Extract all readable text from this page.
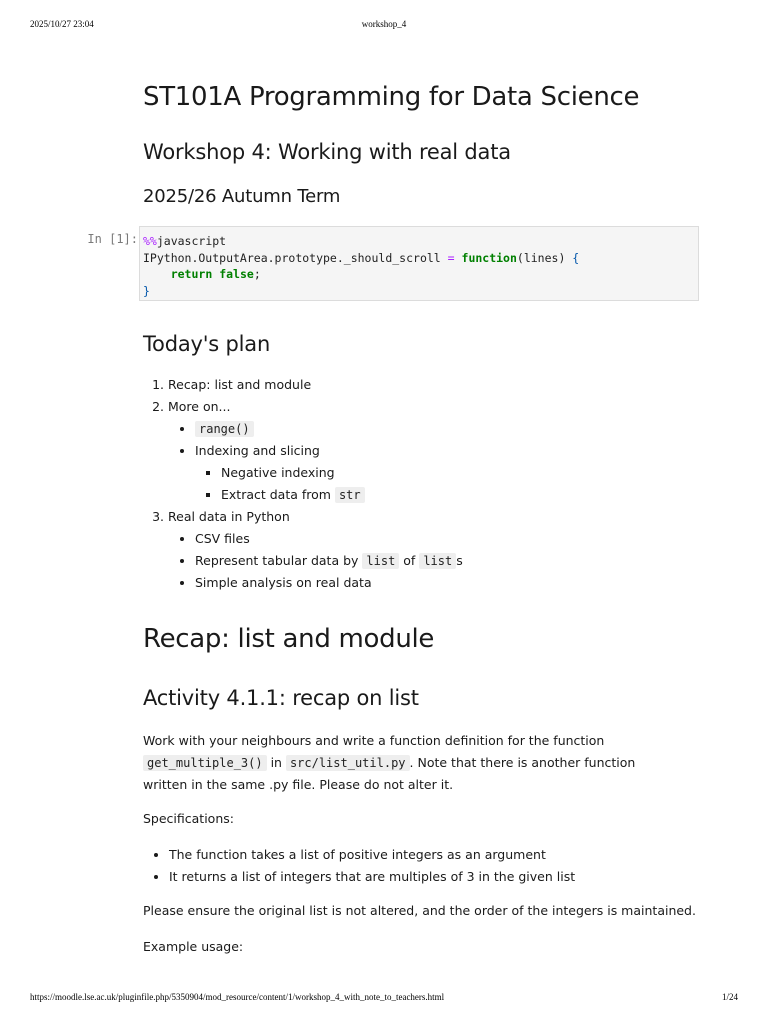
2025/10/27 23:04	workshop_4
ST101A Programming for Data Science
Workshop 4: Working with real data
2025/26 Autumn Term
In [1]: %%javascript
IPython.OutputArea.prototype._should_scroll = function(lines) {
return false;
}
Today's plan
1. Recap: list and module
2. More on...
• range()
• Indexing and slicing
▪ Negative indexing
▪ Extract data from str
3. Real data in Python
• CSV files
• Represent tabular data by list of list s
• Simple analysis on real data
Recap: list and module
Activity 4.1.1: recap on list

Work with your neighbours and write a function definition for the function
get_multiple_3() in src/list_util.py . Note that there is another function
written in the same .py file. Please do not alter it.

Specifications:

• The function takes a list of positive integers as an argument
• It returns a list of integers that are multiples of 3 in the given list

Please ensure the original list is not altered, and the order of the integers is maintained.

Example usage:

https://moodle.lse.ac.uk/pluginfile.php/5350904/mod_resource/content/1/workshop_4_with_note_to_teachers.html	1/24
